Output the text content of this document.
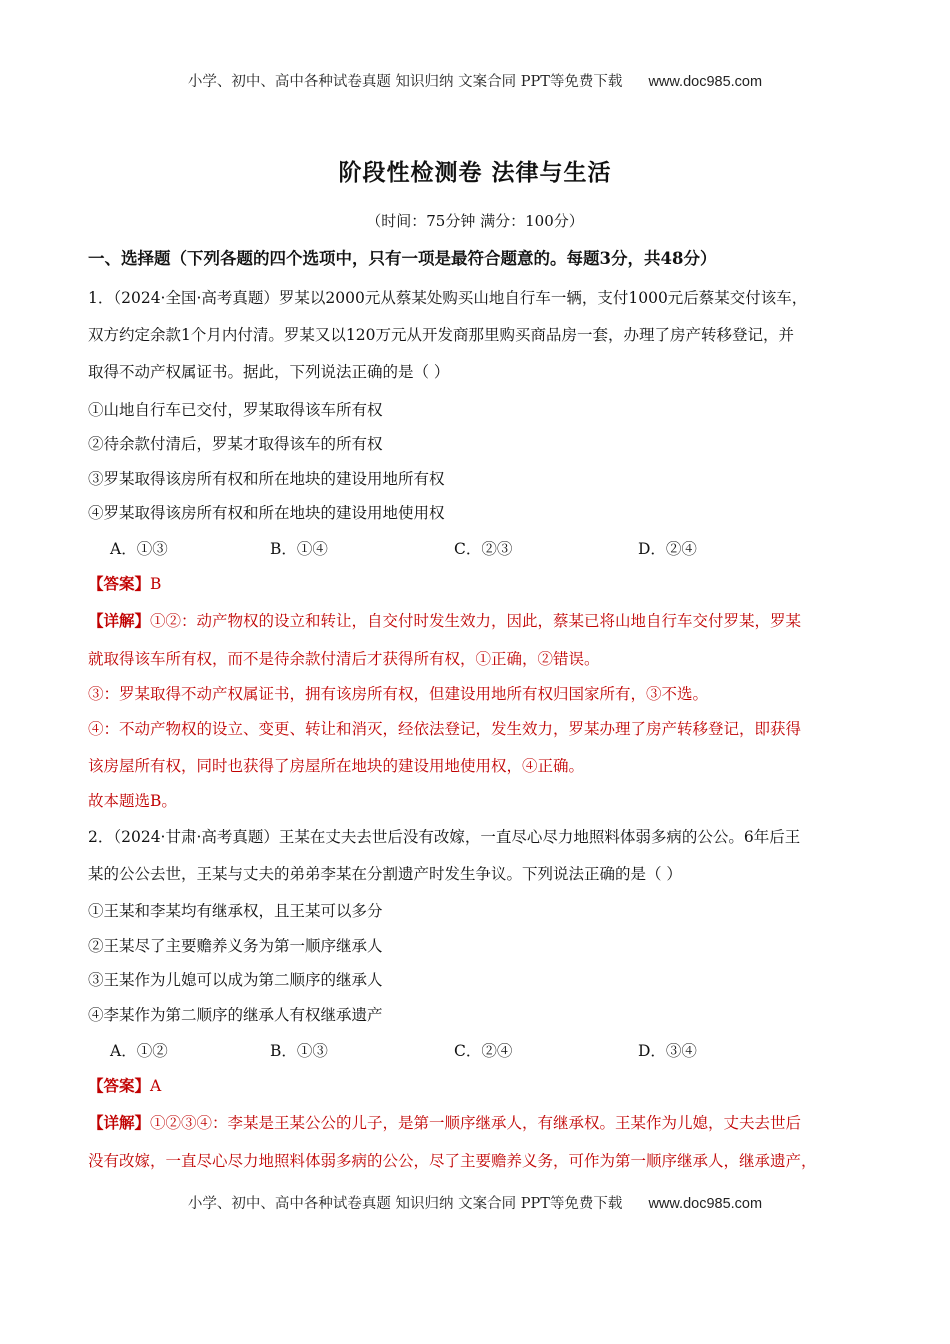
小学、初中、高中各种试卷真题 知识归纳 文案合同 PPT等免费下载 www.doc985.com
阶段性检测卷 法律与生活
（时间：75分钟 满分：100分）
一、选择题（下列各题的四个选项中，只有一项是最符合题意的。每题3分，共48分）
1．（2024·全国·高考真题）罗某以2000元从蔡某处购买山地自行车一辆，支付1000元后蔡某交付该车，
双方约定余款1个月内付清。罗某又以120万元从开发商那里购买商品房一套，办理了房产转移登记，并
取得不动产权属证书。据此，下列说法正确的是（ ）
①山地自行车已交付，罗某取得该车所有权
②待余款付清后，罗某才取得该车的所有权
③罗某取得该房所有权和所在地块的建设用地所有权
④罗某取得该房所有权和所在地块的建设用地使用权
A．①③	B．①④	C．②③	D．②④
【答案】B
【详解】①②：动产物权的设立和转让，自交付时发生效力，因此，蔡某已将山地自行车交付罗某，罗某
就取得该车所有权，而不是待余款付清后才获得所有权，①正确，②错误。
③：罗某取得不动产权属证书，拥有该房所有权，但建设用地所有权归国家所有，③不选。
④：不动产物权的设立、变更、转让和消灭，经依法登记，发生效力，罗某办理了房产转移登记，即获得
该房屋所有权，同时也获得了房屋所在地块的建设用地使用权，④正确。
故本题选B。
2．（2024·甘肃·高考真题）王某在丈夫去世后没有改嫁，一直尽心尽力地照料体弱多病的公公。6年后王
某的公公去世，王某与丈夫的弟弟李某在分割遗产时发生争议。下列说法正确的是（ ）
①王某和李某均有继承权，且王某可以多分
②王某尽了主要赡养义务为第一顺序继承人
③王某作为儿媳可以成为第二顺序的继承人
④李某作为第二顺序的继承人有权继承遗产
A．①②	B．①③	C．②④	D．③④
【答案】A
【详解】①②③④：李某是王某公公的儿子，是第一顺序继承人，有继承权。王某作为儿媳，丈夫去世后
没有改嫁，一直尽心尽力地照料体弱多病的公公，尽了主要赡养义务，可作为第一顺序继承人，继承遗产，
小学、初中、高中各种试卷真题 知识归纳 文案合同 PPT等免费下载 www.doc985.com
